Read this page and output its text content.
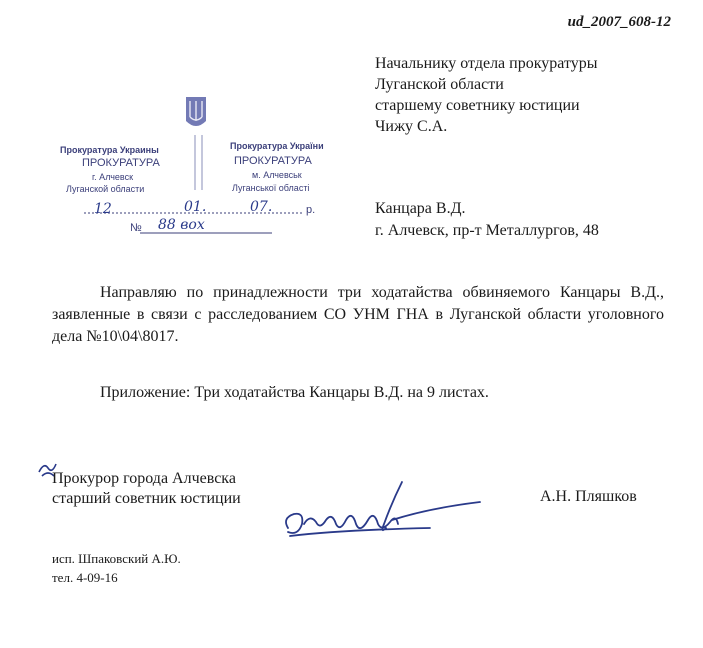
ud_2007_608-12
Начальнику отдела прокуратуры
Луганской области
старшему советнику юстиции
Чижу С.А.
Прокуратура Украины
ПРОКУРАТУРА
г. Алчевск
Луганской области
Прокуратура України
ПРОКУРАТУРА
м. Алчевськ
Луганської області
12	01.	07.	р.
№ 88 вох
Канцара В.Д.
г. Алчевск, пр-т Металлургов, 48
Направляю по принадлежности три ходатайства обвиняемого Канцары В.Д., заявленные в связи с расследованием СО УНМ ГНА в Луганской области уголовного дела №10\04\8017.
Приложение: Три ходатайства Канцары В.Д. на 9 листах.
Прокурор города Алчевска
старший советник юстиции	А.Н. Пляшков
исп. Шпаковский А.Ю.
тел. 4-09-16
